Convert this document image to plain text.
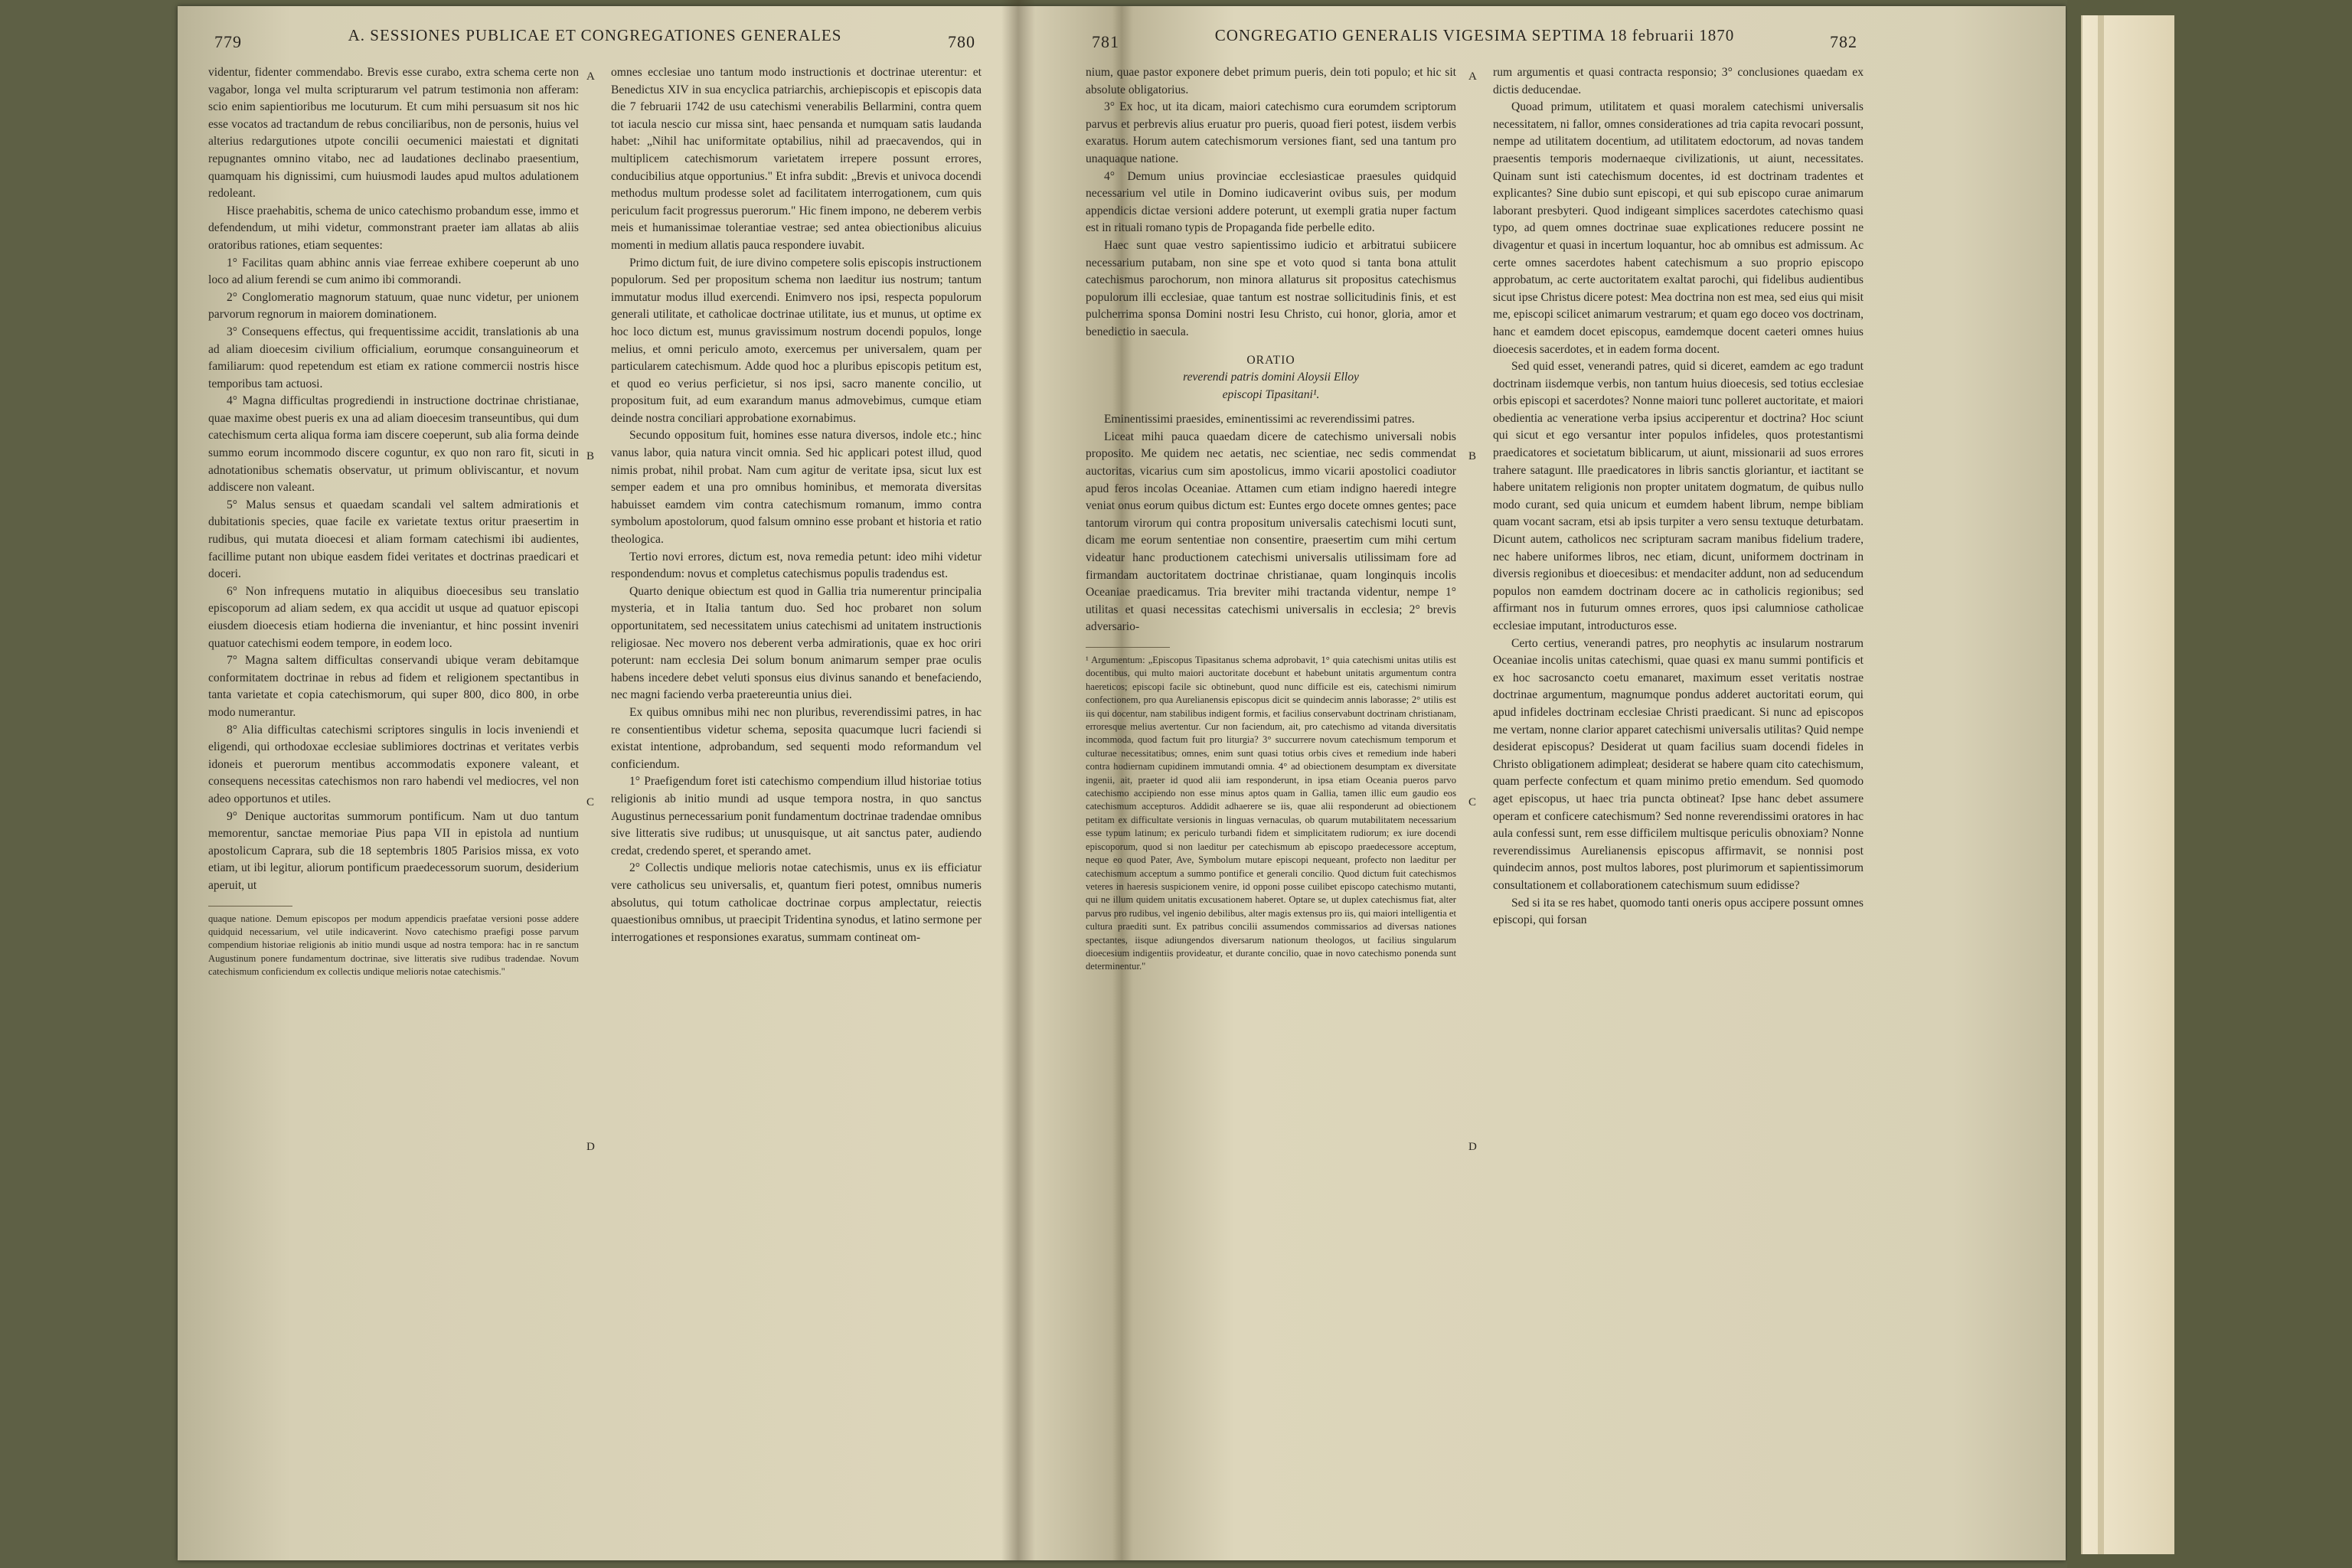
779	A. SESSIONES PUBLICAE ET CONGREGATIONES GENERALES	780

videntur, fidenter commendabo. Brevis esse curabo, extra schema certe non vagabor, longa vel multa scripturarum vel patrum testimonia non afferam: scio enim sapientioribus me locuturum. Et cum mihi persuasum sit nos hic esse vocatos ad tractandum de rebus conciliaribus, non de personis, huius vel alterius redargutiones utpote concilii oecumenici maiestati et dignitati repugnantes omnino vitabo, nec ad laudationes declinabo praesentium, quamquam his dignissimi, cum huiusmodi laudes apud multos adulationem redoleant.

Hisce praehabitis, schema de unico catechismo probandum esse, immo et defendendum, ut mihi videtur, commonstrant praeter iam allatas ab aliis oratoribus rationes, etiam sequentes:

1° Facilitas quam abhinc annis viae ferreae exhibere coeperunt ab uno loco ad alium ferendi se cum animo ibi commorandi.

2° Conglomeratio magnorum statuum, quae nunc videtur, per unionem parvorum regnorum in maiorem dominationem.

3° Consequens effectus, qui frequentissime accidit, translationis ab una ad aliam dioecesim civilium officialium, eorumque consanguineorum et familiarum: quod repetendum est etiam ex ratione commercii nostris hisce temporibus tam actuosi.

4° Magna difficultas progrediendi in instructione doctrinae christianae, quae maxime obest pueris ex una ad aliam dioecesim transeuntibus, qui dum catechismum certa aliqua forma iam discere coeperunt, sub alia forma deinde summo eorum incommodo discere coguntur, ex quo non raro fit, sicuti in adnotationibus schematis observatur, ut primum obliviscantur, et novum addiscere non valeant.

5° Malus sensus et quaedam scandali vel saltem admirationis et dubitationis species, quae facile ex varietate textus oritur praesertim in rudibus, qui mutata dioecesi et aliam formam catechismi ibi audientes, facillime putant non ubique easdem fidei veritates et doctrinas praedicari et doceri.

6° Non infrequens mutatio in aliquibus dioecesibus seu translatio episcoporum ad aliam sedem, ex qua accidit ut usque ad quatuor episcopi eiusdem dioecesis etiam hodierna die inveniantur, et hinc possint inveniri quatuor catechismi eodem tempore, in eodem loco.

7° Magna saltem difficultas conservandi ubique veram debitamque conformitatem doctrinae in rebus ad fidem et religionem spectantibus in tanta varietate et copia catechismorum, qui super 800, dico 800, in orbe modo numerantur.

8° Alia difficultas catechismi scriptores singulis in locis inveniendi et eligendi, qui orthodoxae ecclesiae sublimiores doctrinas et veritates verbis idoneis et puerorum mentibus accommodatis exponere valeant, et consequens necessitas catechismos non raro habendi vel mediocres, vel non adeo opportunos et utiles.

9° Denique auctoritas summorum pontificum. Nam ut duo tantum memorentur, sanctae memoriae Pius papa VII in epistola ad nuntium apostolicum Caprara, sub die 18 septembris 1805 Parisios missa, ex voto etiam, ut ibi legitur, aliorum pontificum praedecessorum suorum, desiderium aperuit, ut

quaque natione. Demum episcopos per modum appendicis praefatae versioni posse addere quidquid necessarium, vel utile indicaverint. Novo catechismo praefigi posse parvum compendium historiae religionis ab initio mundi usque ad nostra tempora: hac in re sanctum Augustinum ponere fundamentum doctrinae, sive litteratis sive rudibus tradendae. Novum catechismum conficiendum ex collectis undique melioris notae catechismis."

omnes ecclesiae uno tantum modo instructionis et doctrinae uterentur: et Benedictus XIV in sua encyclica patriarchis, archiepiscopis et episcopis data die 7 februarii 1742 de usu catechismi venerabilis Bellarmini, contra quem tot iacula nescio cur missa sint, haec pensanda et numquam satis laudanda habet: „Nihil hac uniformitate optabilius, nihil ad praecavendos, qui in multiplicem catechismorum varietatem irrepere possunt errores, conducibilius atque opportunius." Et infra subdit: „Brevis et univoca docendi methodus multum prodesse solet ad facilitatem interrogationem, cum quis periculum facit progressus puerorum." Hic finem impono, ne deberem verbis meis et humanissimae tolerantiae vestrae; sed antea obiectionibus alicuius momenti in medium allatis pauca respondere iuvabit.

Primo dictum fuit, de iure divino competere solis episcopis instructionem populorum. Sed per propositum schema non laeditur ius nostrum; tantum immutatur modus illud exercendi. Enimvero nos ipsi, respecta populorum generali utilitate, et catholicae doctrinae utilitate, ius et munus, ut optime ex hoc loco dictum est, munus gravissimum nostrum docendi populos, longe melius, et omni periculo amoto, exercemus per universalem, quam per particularem catechismum. Adde quod hoc a pluribus episcopis petitum est, et quod eo verius perficietur, si nos ipsi, sacro manente concilio, ut propositum fuit, ad eum exarandum manus admovebimus, cumque etiam deinde nostra conciliari approbatione exornabimus.

Secundo oppositum fuit, homines esse natura diversos, indole etc.; hinc vanus labor, quia natura vincit omnia. Sed hic applicari potest illud, quod nimis probat, nihil probat. Nam cum agitur de veritate ipsa, sicut lux est semper eadem et una pro omnibus hominibus, et memorata diversitas habuisset eamdem vim contra catechismum romanum, immo contra symbolum apostolorum, quod falsum omnino esse probant et historia et ratio theologica.

Tertio novi errores, dictum est, nova remedia petunt: ideo mihi videtur respondendum: novus et completus catechismus populis tradendus est.

Quarto denique obiectum est quod in Gallia tria numerentur principalia mysteria, et in Italia tantum duo. Sed hoc probaret non solum opportunitatem, sed necessitatem unius catechismi ad unitatem instructionis religiosae. Nec movero nos deberent verba admirationis, quae ex hoc oriri poterunt: nam ecclesia Dei solum bonum animarum semper prae oculis habens incedere debet veluti sponsus eius divinus sanando et benefaciendo, nec magni faciendo verba praetereuntia unius diei.

Ex quibus omnibus mihi nec non pluribus, reverendissimi patres, in hac re consentientibus videtur schema, seposita quacumque lucri faciendi si existat intentione, adprobandum, sed sequenti modo reformandum vel conficiendum.

1° Praefigendum foret isti catechismo compendium illud historiae totius religionis ab initio mundi ad usque tempora nostra, in quo sanctus Augustinus pernecessarium ponit fundamentum doctrinae tradendae omnibus sive litteratis sive rudibus; ut unusquisque, ut ait sanctus pater, audiendo credat, credendo speret, et sperando amet.

2° Collectis undique melioris notae catechismis, unus ex iis efficiatur vere catholicus seu universalis, et, quantum fieri potest, omnibus numeris absolutus, qui totum catholicae doctrinae corpus amplectatur, reiectis quaestionibus omnibus, ut praecipit Tridentina synodus, et latino sermone per interrogationes et responsiones exaratus, summam contineat om-

A
B
C
D
781	CONGREGATIO GENERALIS VIGESIMA SEPTIMA 18 februarii 1870	782

nium, quae pastor exponere debet primum pueris, dein toti populo; et hic sit absolute obligatorius.

3° Ex hoc, ut ita dicam, maiori catechismo cura eorumdem scriptorum parvus et perbrevis alius eruatur pro pueris, quoad fieri potest, iisdem verbis exaratus. Horum autem catechismorum versiones fiant, sed una tantum pro unaquaque natione.

4° Demum unius provinciae ecclesiasticae praesules quidquid necessarium vel utile in Domino iudicaverint ovibus suis, per modum appendicis dictae versioni addere poterunt, ut exempli gratia nuper factum est in rituali romano typis de Propaganda fide perbelle edito.

Haec sunt quae vestro sapientissimo iudicio et arbitratui subiicere necessarium putabam, non sine spe et voto quod si tanta bona attulit catechismus parochorum, non minora allaturus sit propositus catechismus populorum illi ecclesiae, quae tantum est nostrae sollicitudinis finis, et est pulcherrima sponsa Domini nostri Iesu Christo, cui honor, gloria, amor et benedictio in saecula.

ORATIO

reverendi patris domini Aloysii Elloy

episcopi Tipasitani¹.

Eminentissimi praesides, eminentissimi ac reverendissimi patres.

Liceat mihi pauca quaedam dicere de catechismo universali nobis proposito. Me quidem nec aetatis, nec scientiae, nec sedis commendat auctoritas, vicarius cum sim apostolicus, immo vicarii apostolici coadiutor apud feros incolas Oceaniae. Attamen cum etiam indigno haeredi integre veniat onus eorum quibus dictum est: Euntes ergo docete omnes gentes; pace tantorum virorum qui contra propositum universalis catechismi locuti sunt, dicam me eorum sententiae non consentire, praesertim cum mihi certum videatur hanc productionem catechismi universalis utilissimam fore ad firmandam auctoritatem doctrinae christianae, quam longinquis incolis Oceaniae praedicamus. Tria breviter mihi tractanda videntur, nempe 1° utilitas et quasi necessitas catechismi universalis in ecclesia; 2° brevis adversario-

¹ Argumentum: „Episcopus Tipasitanus schema adprobavit, 1° quia catechismi unitas utilis est docentibus, qui multo maiori auctoritate docebunt et habebunt unitatis argumentum contra haereticos; episcopi facile sic obtinebunt, quod nunc difficile est eis, catechismi nimirum confectionem, pro qua Aurelianensis episcopus dicit se quindecim annis laborasse; 2° utilis est iis qui docentur, nam stabilibus indigent formis, et facilius conservabunt doctrinam christianam, erroresque melius avertentur. Cur non faciendum, ait, pro catechismo ad vitanda diversitatis incommoda, quod factum fuit pro liturgia? 3° succurrere novum catechismum temporum et culturae necessitatibus; omnes, enim sunt quasi totius orbis cives et remedium inde haberi contra hodiernam cupidinem immutandi omnia. 4° ad obiectionem desumptam ex diversitate ingenii, ait, praeter id quod alii iam responderunt, in ipsa etiam Oceania pueros parvo catechismo accipiendo non esse minus aptos quam in Gallia, tamen illic eum gaudio eos catechismum accepturos. Addidit adhaerere se iis, quae alii responderunt ad obiectionem petitam ex difficultate versionis in linguas vernaculas, ob quarum mutabilitatem necessarium esse typum latinum; ex periculo turbandi fidem et simplicitatem rudiorum; ex iure docendi episcoporum, quod si non laeditur per catechismum ab episcopo praedecessore acceptum, neque eo quod Pater, Ave, Symbolum mutare episcopi nequeant, profecto non laeditur per catechismum acceptum a summo pontifice et generali concilio. Quod dictum fuit catechismos veteres in haeresis suspicionem venire, id opponi posse cuilibet episcopo catechismo mutanti, qui ne illum quidem unitatis excusationem haberet. Optare se, ut duplex catechismus fiat, alter parvus pro rudibus, vel ingenio debilibus, alter magis extensus pro iis, qui maiori intelligentia et cultura praediti sunt. Ex patribus concilii assumendos commissarios ad diversas nationes spectantes, iisque adiungendos diversarum nationum theologos, ut facilius singularum dioecesium indigentiis provideatur, et durante concilio, quae in novo catechismo ponenda sunt determinentur."

rum argumentis et quasi contracta responsio; 3° conclusiones quaedam ex dictis deducendae.

Quoad primum, utilitatem et quasi moralem catechismi universalis necessitatem, ni fallor, omnes considerationes ad tria capita revocari possunt, nempe ad utilitatem docentium, ad utilitatem edoctorum, ad novas tandem praesentis temporis modernaeque civilizationis, ut aiunt, necessitates. Quinam sunt isti catechismum docentes, id est doctrinam tradentes et explicantes? Sine dubio sunt episcopi, et qui sub episcopo curae animarum laborant presbyteri. Quod indigeant simplices sacerdotes catechismo quasi typo, ad quem omnes doctrinae suae explicationes reducere possint ne divagentur et quasi in incertum loquantur, hoc ab omnibus est admissum. Ac certe omnes sacerdotes habent catechismum a suo proprio episcopo approbatum, ac certe auctoritatem exaltat parochi, qui fidelibus audientibus sicut ipse Christus dicere potest: Mea doctrina non est mea, sed eius qui misit me, episcopi scilicet animarum vestrarum; et quam ego doceo vos doctrinam, hanc et eamdem docet episcopus, eamdemque docent caeteri omnes huius dioecesis sacerdotes, et in eadem forma docent.

Sed quid esset, venerandi patres, quid si diceret, eamdem ac ego tradunt doctrinam iisdemque verbis, non tantum huius dioecesis, sed totius ecclesiae orbis episcopi et sacerdotes? Nonne maiori tunc polleret auctoritate, et maiori obedientia ac veneratione verba ipsius acciperentur et doctrina? Hoc sciunt qui sicut et ego versantur inter populos infideles, quos protestantismi praedicatores et societatum biblicarum, ut aiunt, missionarii ad suos errores trahere satagunt. Ille praedicatores in libris sanctis gloriantur, et iactitant se habere unitatem religionis non propter unitatem dogmatum, de quibus nullo modo curant, sed quia unicum et eumdem habent librum, nempe bibliam quam vocant sacram, etsi ab ipsis turpiter a vero sensu textuque deturbatam. Dicunt autem, catholicos nec scripturam sacram manibus fidelium tradere, nec habere uniformes libros, nec etiam, dicunt, uniformem doctrinam in diversis regionibus et dioecesibus: et mendaciter addunt, non ad seducendum populos non eamdem doctrinam docere ac in catholicis regionibus; sed affirmant nos in futurum omnes errores, quos ipsi calumniose catholicae ecclesiae imputant, introducturos esse.

Certo certius, venerandi patres, pro neophytis ac insularum nostrarum Oceaniae incolis unitas catechismi, quae quasi ex manu summi pontificis et ex hoc sacrosancto coetu emanaret, maximum esset veritatis nostrae doctrinae argumentum, magnumque pondus adderet auctoritati eorum, qui apud infideles doctrinam ecclesiae Christi praedicant. Si nunc ad episcopos me vertam, nonne clarior apparet catechismi universalis utilitas? Quid nempe desiderat episcopus? Desiderat ut quam facilius suam docendi fideles in Christo obligationem adimpleat; desiderat se habere quam cito catechismum, quam perfecte confectum et quam minimo pretio emendum. Sed quomodo aget episcopus, ut haec tria puncta obtineat? Ipse hanc debet assumere operam et conficere catechismum? Sed nonne reverendissimi oratores in hac aula confessi sunt, rem esse difficilem multisque periculis obnoxiam? Nonne reverendissimus Aurelianensis episcopus affirmavit, se nonnisi post quindecim annos, post multos labores, post plurimorum et sapientissimorum consultationem et collaborationem catechismum suum edidisse?

Sed si ita se res habet, quomodo tanti oneris opus accipere possunt omnes episcopi, qui forsan

A
B
C
D
